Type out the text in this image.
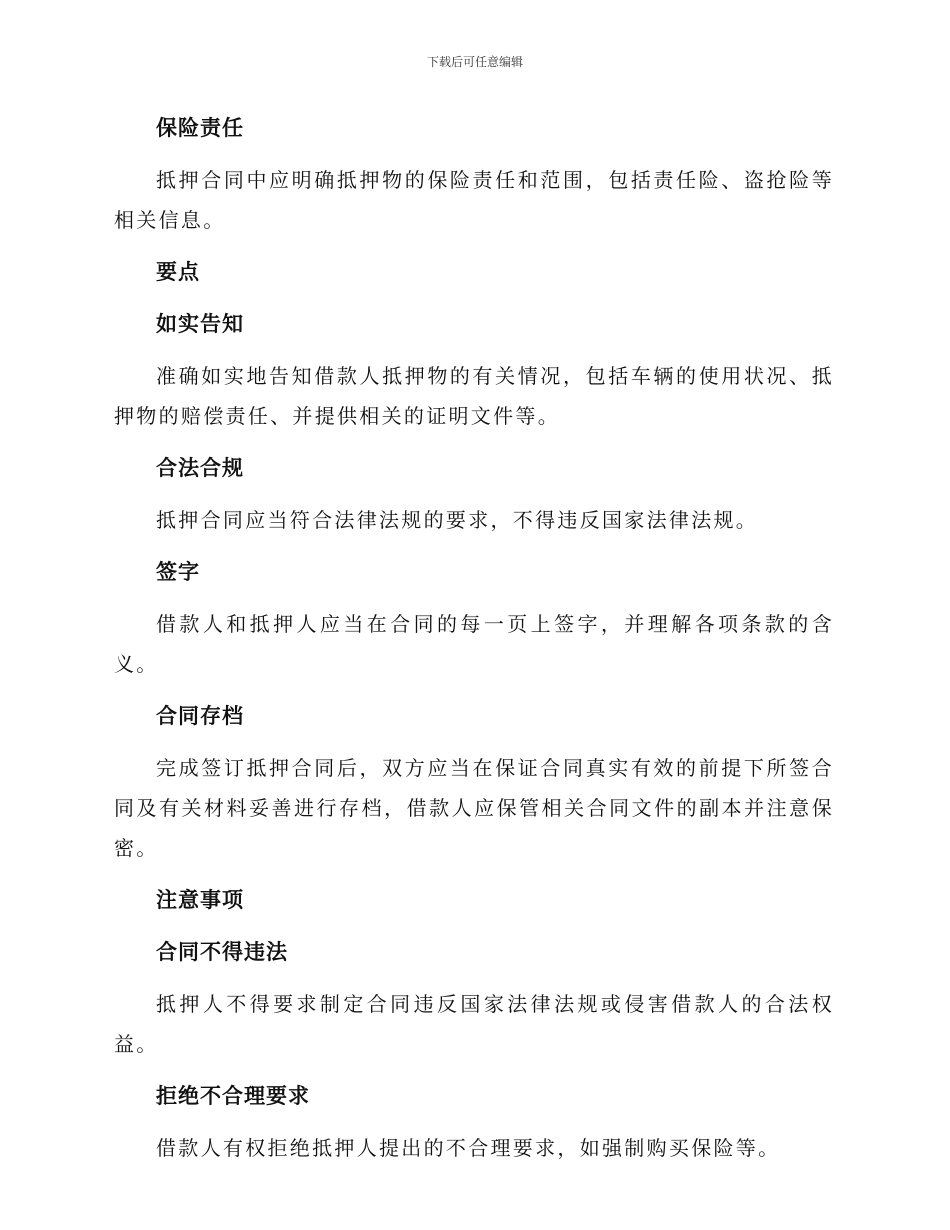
下载后可任意编辑
保险责任

抵押合同中应明确抵押物的保险责任和范围，包括责任险、盗抢险等相关信息。

要点
如实告知

准确如实地告知借款人抵押物的有关情况，包括车辆的使用状况、抵押物的赔偿责任、并提供相关的证明文件等。

合法合规

抵押合同应当符合法律法规的要求，不得违反国家法律法规。

签字

借款人和抵押人应当在合同的每一页上签字，并理解各项条款的含义。

合同存档

完成签订抵押合同后，双方应当在保证合同真实有效的前提下所签合同及有关材料妥善进行存档，借款人应保管相关合同文件的副本并注意保密。

注意事项
合同不得违法

抵押人不得要求制定合同违反国家法律法规或侵害借款人的合法权益。

拒绝不合理要求

借款人有权拒绝抵押人提出的不合理要求，如强制购买保险等。
